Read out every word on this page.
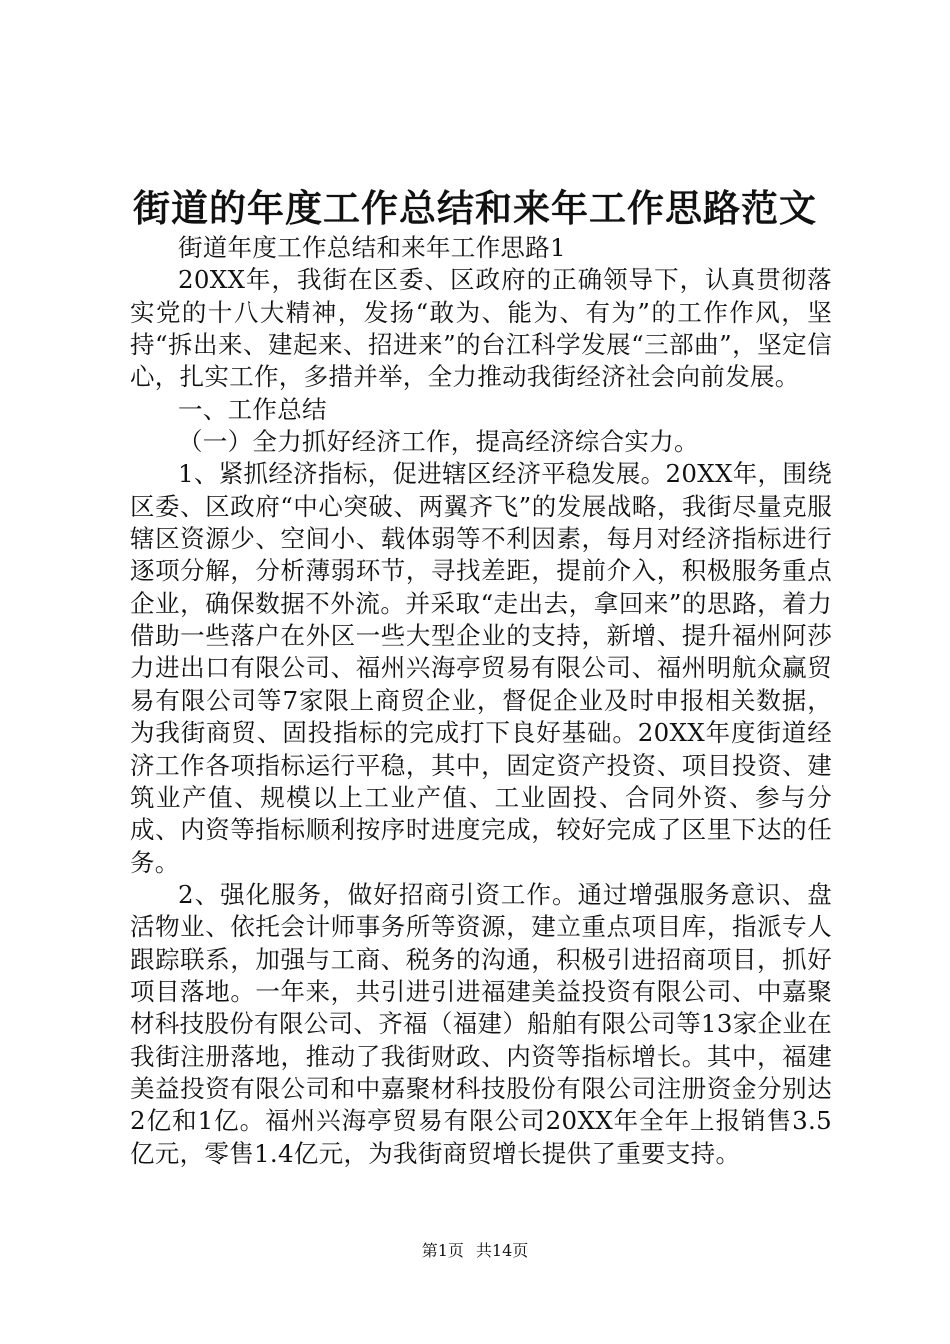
街道的年度工作总结和来年工作思路范文

街道年度工作总结和来年工作思路1

20XX年，我街在区委、区政府的正确领导下，认真贯彻落实党的十八大精神，发扬“敢为、能为、有为”的工作作风，坚持“拆出来、建起来、招进来”的台江科学发展“三部曲”，坚定信心，扎实工作，多措并举，全力推动我街经济社会向前发展。

一、工作总结

（一）全力抓好经济工作，提高经济综合实力。

1、紧抓经济指标，促进辖区经济平稳发展。20XX年，围绕区委、区政府“中心突破、两翼齐飞”的发展战略，我街尽量克服辖区资源少、空间小、载体弱等不利因素，每月对经济指标进行逐项分解，分析薄弱环节，寻找差距，提前介入，积极服务重点企业，确保数据不外流。并采取“走出去，拿回来”的思路，着力借助一些落户在外区一些大型企业的支持，新增、提升福州阿莎力进出口有限公司、福州兴海亭贸易有限公司、福州明航众赢贸易有限公司等7家限上商贸企业，督促企业及时申报相关数据，为我街商贸、固投指标的完成打下良好基础。20XX年度街道经济工作各项指标运行平稳，其中，固定资产投资、项目投资、建筑业产值、规模以上工业产值、工业固投、合同外资、参与分成、内资等指标顺利按序时进度完成，较好完成了区里下达的任务。

2、强化服务，做好招商引资工作。通过增强服务意识、盘活物业、依托会计师事务所等资源，建立重点项目库，指派专人跟踪联系，加强与工商、税务的沟通，积极引进招商项目，抓好项目落地。一年来，共引进引进福建美益投资有限公司、中嘉聚材科技股份有限公司、齐福（福建）船舶有限公司等13家企业在我街注册落地，推动了我街财政、内资等指标增长。其中，福建美益投资有限公司和中嘉聚材科技股份有限公司注册资金分别达2亿和1亿。福州兴海亭贸易有限公司20XX年全年上报销售3.5亿元，零售1.4亿元，为我街商贸增长提供了重要支持。

第1页 共14页
